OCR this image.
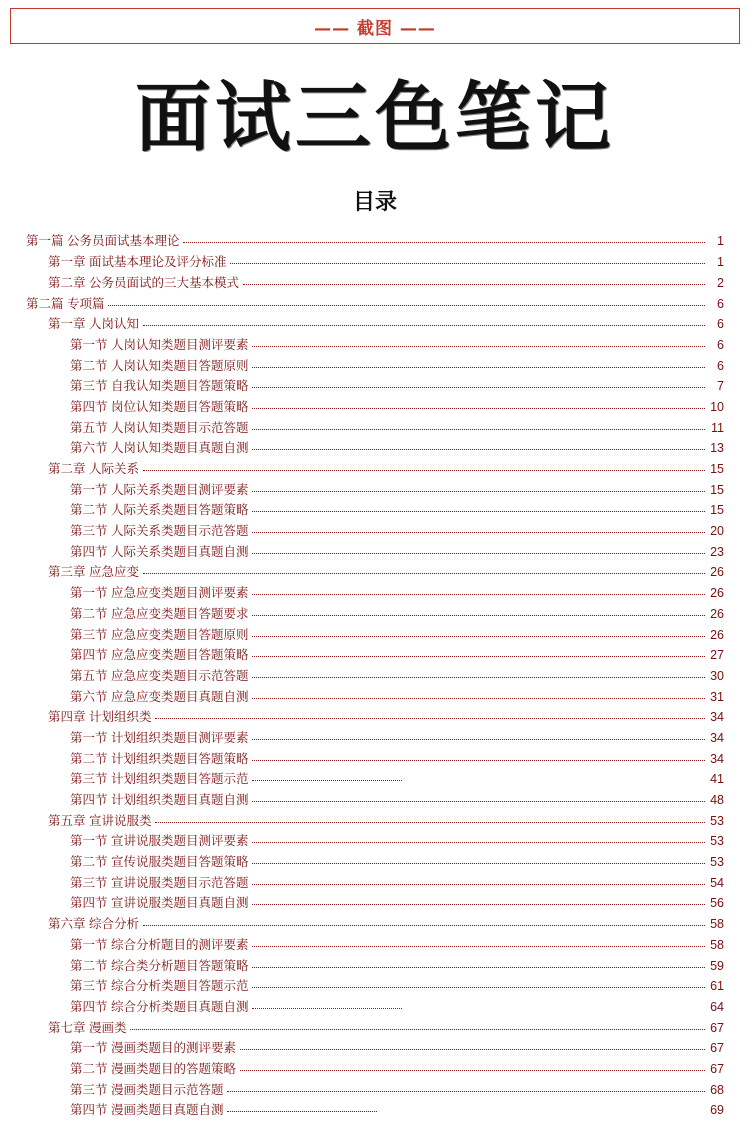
—— 截图 ——
面试三色笔记
目录
第一篇 公务员面试基本理论	1
第一章 面试基本理论及评分标准	1
第二章 公务员面试的三大基本模式	2
第二篇 专项篇	6
第一章 人岗认知	6
第一节 人岗认知类题目测评要素	6
第二节 人岗认知类题目答题原则	6
第三节 自我认知类题目答题策略	7
第四节 岗位认知类题目答题策略	10
第五节 人岗认知类题目示范答题	11
第六节 人岗认知类题目真题自测	13
第二章 人际关系	15
第一节 人际关系类题目测评要素	15
第二节 人际关系类题目答题策略	15
第三节 人际关系类题目示范答题	20
第四节 人际关系类题目真题自测	23
第三章 应急应变	26
第一节 应急应变类题目测评要素	26
第二节 应急应变类题目答题要求	26
第三节 应急应变类题目答题原则	26
第四节 应急应变类题目答题策略	27
第五节 应急应变类题目示范答题	30
第六节 应急应变类题目真题自测	31
第四章 计划组织类	34
第一节 计划组织类题目测评要素	34
第二节 计划组织类题目答题策略	34
第三节 计划组织类题目答题示范	41
第四节 计划组织类题目真题自测	48
第五章 宣讲说服类	53
第一节 宣讲说服类题目测评要素	53
第二节 宣传说服类题目答题策略	53
第三节 宣讲说服类题目示范答题	54
第四节 宣讲说服类题目真题自测	56
第六章 综合分析	58
第一节 综合分析题目的测评要素	58
第二节 综合类分析题目答题策略	59
第三节 综合分析类题目答题示范	61
第四节 综合分析类题目真题自测	64
第七章 漫画类	67
第一节 漫画类题目的测评要素	67
第二节 漫画类题目的答题策略	67
第三节 漫画类题目示范答题	68
第四节 漫画类题目真题自测	69
